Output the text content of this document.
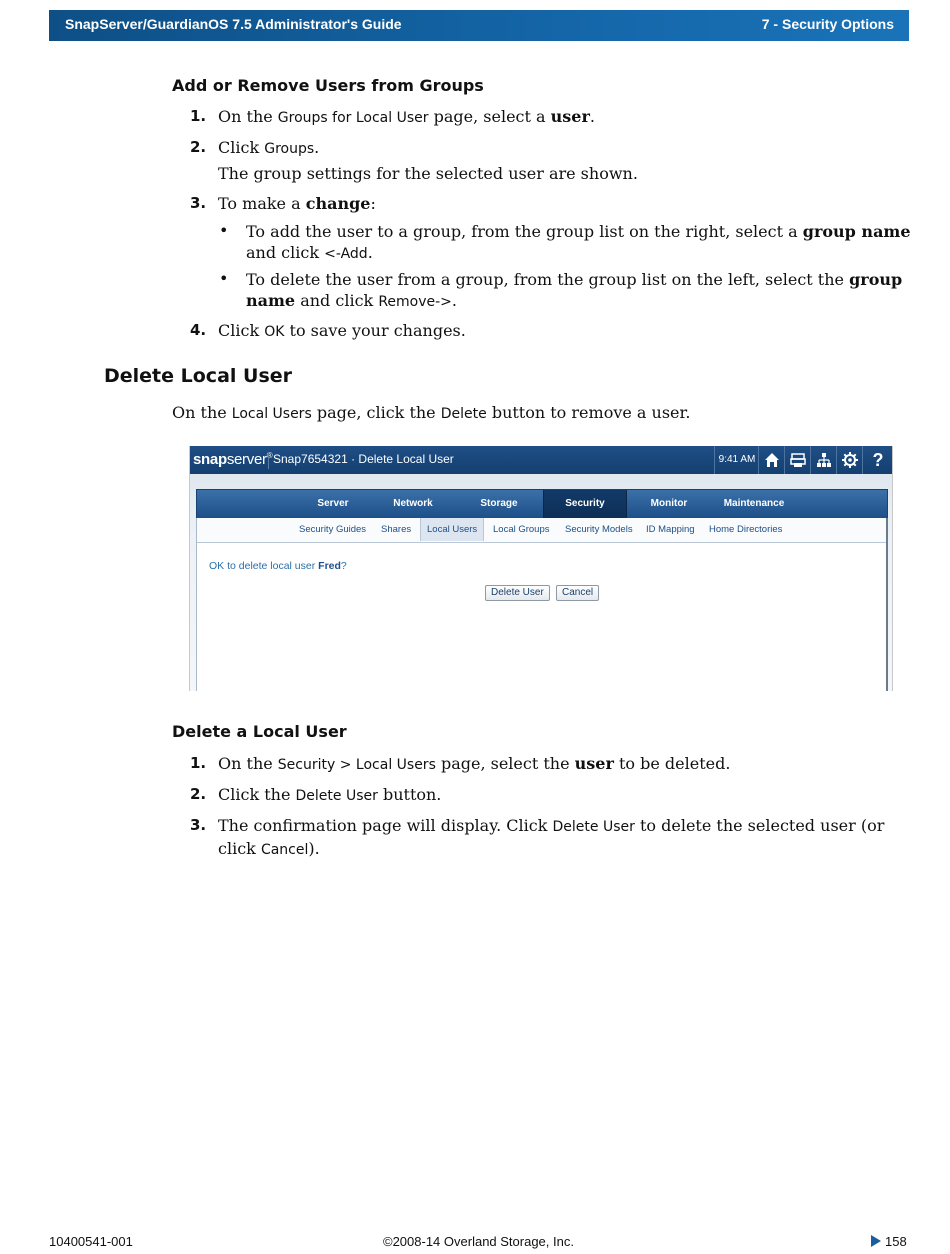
SnapServer/GuardianOS 7.5 Administrator's Guide	7 - Security Options
Add or Remove Users from Groups
1. On the Groups for Local User page, select a user.
2. Click Groups.
The group settings for the selected user are shown.
3. To make a change:
• To add the user to a group, from the group list on the right, select a group name and click <-Add.
• To delete the user from a group, from the group list on the left, select the group name and click Remove->.
4. Click OK to save your changes.
Delete Local User
On the Local Users page, click the Delete button to remove a user.
snapserver® Snap7654321 · Delete Local User	9:41 AM	?
Server	Network	Storage	Security	Monitor	Maintenance
Security Guides Shares	Local Users	Local Groups Security Models ID Mapping Home Directories
OK to delete local user Fred?
Delete User	Cancel
Delete a Local User
1. On the Security > Local Users page, select the user to be deleted.
2. Click the Delete User button.
3. The confirmation page will display. Click Delete User to delete the selected user (or click Cancel).
10400541-001	©2008-14 Overland Storage, Inc.	158
